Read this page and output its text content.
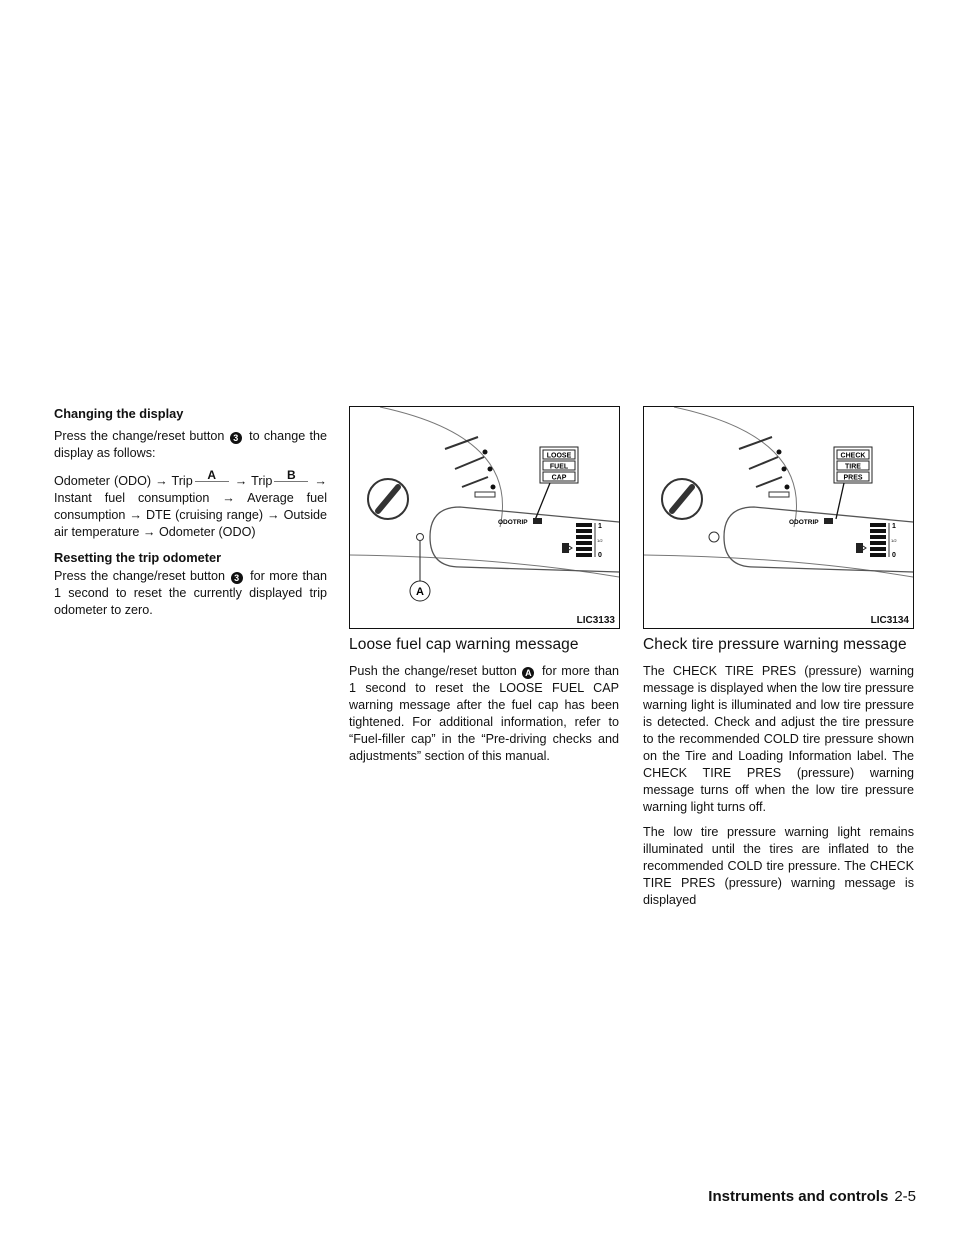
Changing the display

Press the change/reset button 3 to change the display as follows:

Odometer (ODO) → Trip	A	→ Trip	B	→ Instant fuel consumption → Average fuel consumption → DTE (cruising range) → Outside air temperature → Odometer (ODO)

Resetting the trip odometer

Press the change/reset button 3 for more than 1 second to reset the currently displayed trip odometer to zero.

LOOSE
FUEL
CAP
ODOTRIP
1
1/2
0
A
LIC3133
CHECK
TIRE
PRES
ODOTRIP
1
1/2
0
LIC3134
Loose fuel cap warning message

Push the change/reset button A for more than 1 second to reset the LOOSE FUEL CAP warning message after the fuel cap has been tightened. For additional information, refer to “Fuel-filler cap” in the “Pre-driving checks and adjustments” section of this manual.

Check tire pressure warning message

The CHECK TIRE PRES (pressure) warning message is displayed when the low tire pressure warning light is illuminated and low tire pressure is detected. Check and adjust the tire pressure to the recommended COLD tire pressure shown on the Tire and Loading Information label. The CHECK TIRE PRES (pressure) warning message turns off when the low tire pressure warning light turns off.

The low tire pressure warning light remains illuminated until the tires are inflated to the recommended COLD tire pressure. The CHECK TIRE PRES (pressure) warning message is displayed

Instruments and controls 2-5
